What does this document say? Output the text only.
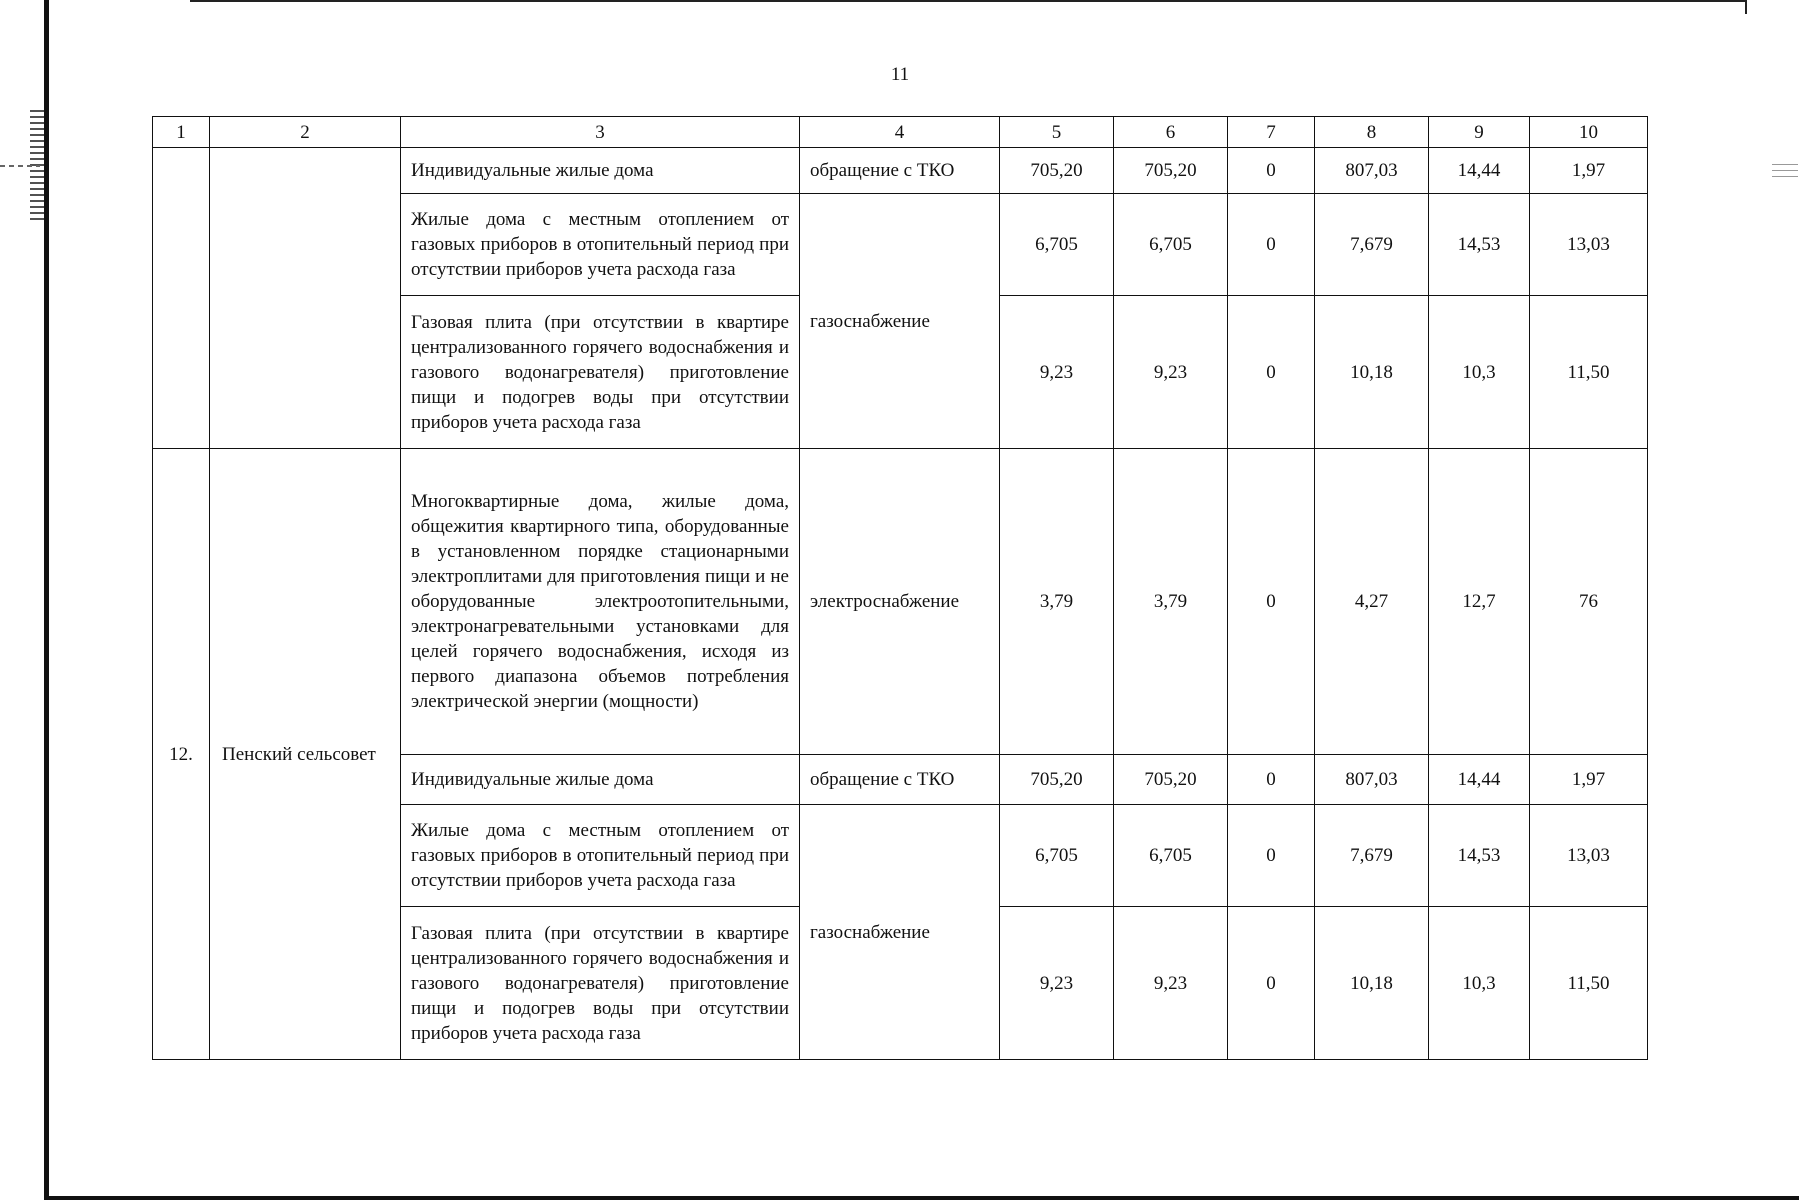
11
1	2	3	4	5	6	7	8	9	10
		Индивидуальные жилые дома	обращение с ТКО	705,20	705,20	0	807,03	14,44	1,97
		Жилые дома с местным отоплением от газовых приборов в отопительный период при отсутствии приборов учета расхода газа	газоснабжение	6,705	6,705	0	7,679	14,53	13,03
		Газовая плита (при отсутствии в квартире централизованного горячего водоснабжения и газового водонагревателя) приготовление пищи и подогрев воды при отсутствии приборов учета расхода газа		9,23	9,23	0	10,18	10,3	11,50
12.	Пенский сельсовет	Многоквартирные дома, жилые дома, общежития квартирного типа, оборудованные в установленном порядке стационарными электроплитами для приготовления пищи и не оборудованные электроотопительными, электронагревательными установками для целей горячего водоснабжения, исходя из первого диапазона объемов потребления электрической энергии (мощности)	электроснабжение	3,79	3,79	0	4,27	12,7	76
		Индивидуальные жилые дома	обращение с ТКО	705,20	705,20	0	807,03	14,44	1,97
		Жилые дома с местным отоплением от газовых приборов в отопительный период при отсутствии приборов учета расхода газа	газоснабжение	6,705	6,705	0	7,679	14,53	13,03
		Газовая плита (при отсутствии в квартире централизованного горячего водоснабжения и газового водонагревателя) приготовление пищи и подогрев воды при отсутствии приборов учета расхода газа		9,23	9,23	0	10,18	10,3	11,50
